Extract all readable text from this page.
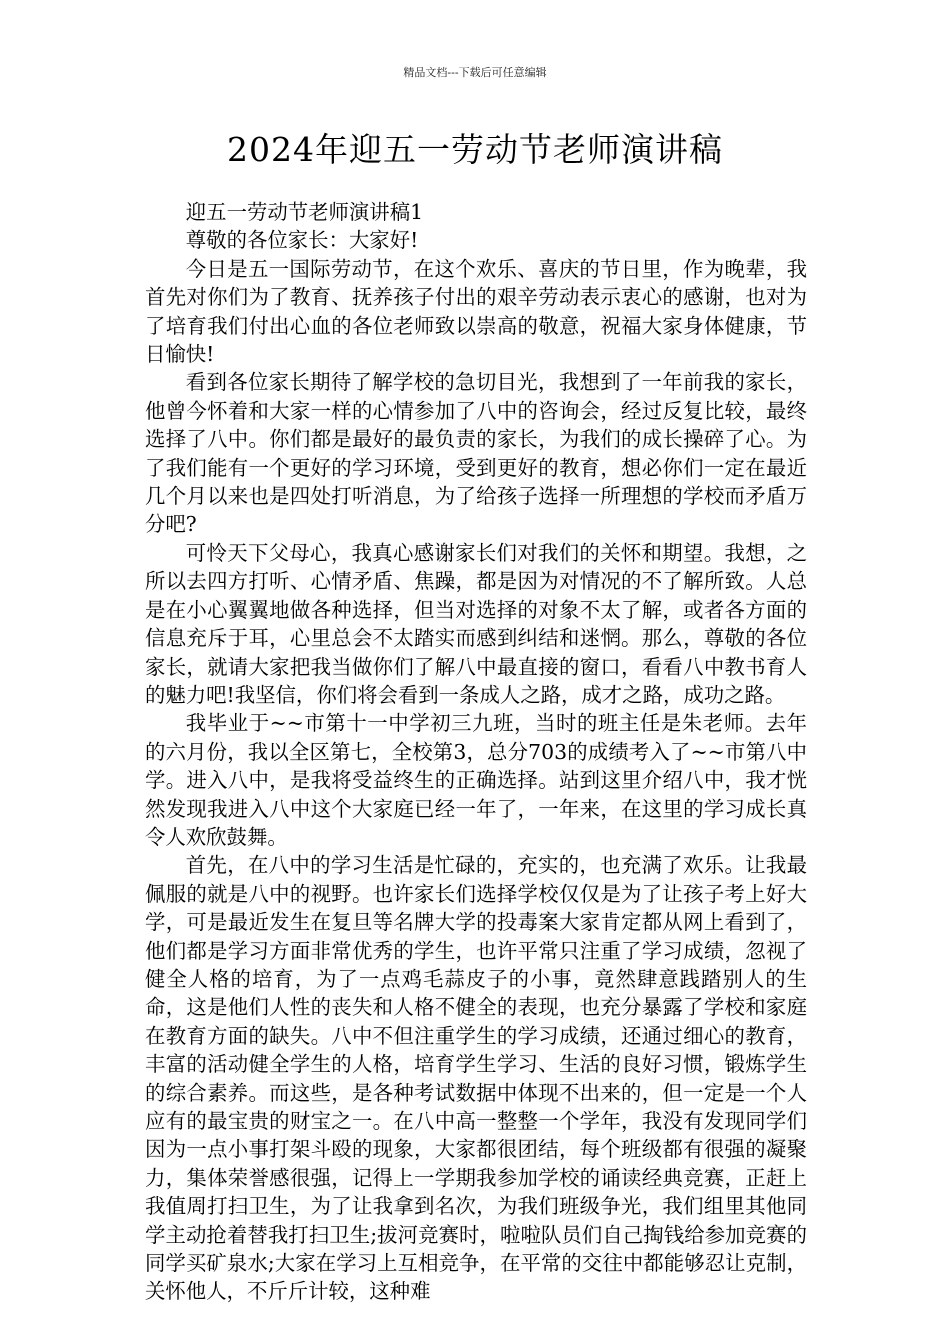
精品文档---下载后可任意编辑
2024年迎五一劳动节老师演讲稿

迎五一劳动节老师演讲稿1

尊敬的各位家长：大家好!

今日是五一国际劳动节，在这个欢乐、喜庆的节日里，作为晚辈，我首先对你们为了教育、抚养孩子付出的艰辛劳动表示衷心的感谢，也对为了培育我们付出心血的各位老师致以崇高的敬意，祝福大家身体健康，节日愉快!

看到各位家长期待了解学校的急切目光，我想到了一年前我的家长，他曾今怀着和大家一样的心情参加了八中的咨询会，经过反复比较，最终选择了八中。你们都是最好的最负责的家长，为我们的成长操碎了心。为了我们能有一个更好的学习环境，受到更好的教育，想必你们一定在最近几个月以来也是四处打听消息，为了给孩子选择一所理想的学校而矛盾万分吧?

可怜天下父母心，我真心感谢家长们对我们的关怀和期望。我想，之所以去四方打听、心情矛盾、焦躁，都是因为对情况的不了解所致。人总是在小心翼翼地做各种选择，但当对选择的对象不太了解，或者各方面的信息充斥于耳，心里总会不太踏实而感到纠结和迷惘。那么，尊敬的各位家长，就请大家把我当做你们了解八中最直接的窗口，看看八中教书育人的魅力吧!我坚信，你们将会看到一条成人之路，成才之路，成功之路。

我毕业于~~市第十一中学初三九班，当时的班主任是朱老师。去年的六月份，我以全区第七，全校第3，总分703的成绩考入了~~市第八中学。进入八中，是我将受益终生的正确选择。站到这里介绍八中，我才恍然发现我进入八中这个大家庭已经一年了，一年来，在这里的学习成长真令人欢欣鼓舞。

首先，在八中的学习生活是忙碌的，充实的，也充满了欢乐。让我最佩服的就是八中的视野。也许家长们选择学校仅仅是为了让孩子考上好大学，可是最近发生在复旦等名牌大学的投毒案大家肯定都从网上看到了，他们都是学习方面非常优秀的学生，也许平常只注重了学习成绩，忽视了健全人格的培育，为了一点鸡毛蒜皮子的小事，竟然肆意践踏别人的生命，这是他们人性的丧失和人格不健全的表现，也充分暴露了学校和家庭在教育方面的缺失。八中不但注重学生的学习成绩，还通过细心的教育，丰富的活动健全学生的人格，培育学生学习、生活的良好习惯，锻炼学生的综合素养。而这些，是各种考试数据中体现不出来的，但一定是一个人应有的最宝贵的财宝之一。在八中高一整整一个学年，我没有发现同学们因为一点小事打架斗殴的现象，大家都很团结，每个班级都有很强的凝聚力，集体荣誉感很强，记得上一学期我参加学校的诵读经典竞赛，正赶上我值周打扫卫生，为了让我拿到名次，为我们班级争光，我们组里其他同学主动抢着替我打扫卫生;拔河竞赛时，啦啦队员们自己掏钱给参加竞赛的同学买矿泉水;大家在学习上互相竞争，在平常的交往中都能够忍让克制，关怀他人，不斤斤计较，这种难
